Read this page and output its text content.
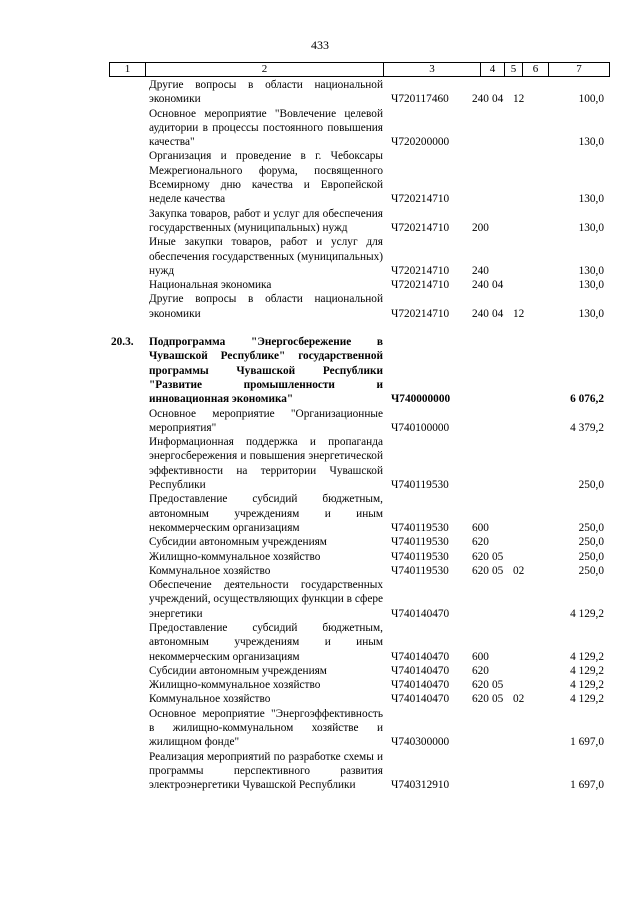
433
1	2	3	4	5	6	7
Другие вопросы в области национальной экономики	Ч720117460 240 04 12	100,0
Основное мероприятие "Вовлечение целевой аудитории в процессы постоянного повышения качества"	Ч720200000	130,0
Организация и проведение в г. Чебоксары Межрегионального форума, посвященного Всемирному дню качества и Европейской неделе качества	Ч720214710	130,0
Закупка товаров, работ и услуг для обеспечения государственных (муниципальных) нужд	Ч720214710 200	130,0
Иные закупки товаров, работ и услуг для обеспечения государственных (муниципальных) нужд	Ч720214710 240	130,0
Национальная экономика	Ч720214710 240 04	130,0
Другие вопросы в области национальной экономики	Ч720214710 240 04 12	130,0
20.3.	Подпрограмма "Энергосбережение в Чувашской Республике" государственной программы Чувашской Республики "Развитие промышленности и инновационная экономика"	Ч740000000	6 076,2
Основное мероприятие "Организационные мероприятия"	Ч740100000	4 379,2
Информационная поддержка и пропаганда энергосбережения и повышения энергетической эффективности на территории Чувашской Республики	Ч740119530	250,0
Предоставление субсидий бюджетным, автономным учреждениям и иным некоммерческим организациям	Ч740119530 600	250,0
Субсидии автономным учреждениям	Ч740119530 620	250,0
Жилищно-коммунальное хозяйство	Ч740119530 620 05	250,0
Коммунальное хозяйство	Ч740119530 620 05 02	250,0
Обеспечение деятельности государственных учреждений, осуществляющих функции в сфере энергетики	Ч740140470	4 129,2
Предоставление субсидий бюджетным, автономным учреждениям и иным некоммерческим организациям	Ч740140470 600	4 129,2
Субсидии автономным учреждениям	Ч740140470 620	4 129,2
Жилищно-коммунальное хозяйство	Ч740140470 620 05	4 129,2
Коммунальное хозяйство	Ч740140470 620 05 02	4 129,2
Основное мероприятие "Энергоэффективность в жилищно-коммунальном хозяйстве и жилищном фонде"	Ч740300000	1 697,0
Реализация мероприятий по разработке схемы и программы перспективного развития электроэнергетики Чувашской Республики	Ч740312910	1 697,0
